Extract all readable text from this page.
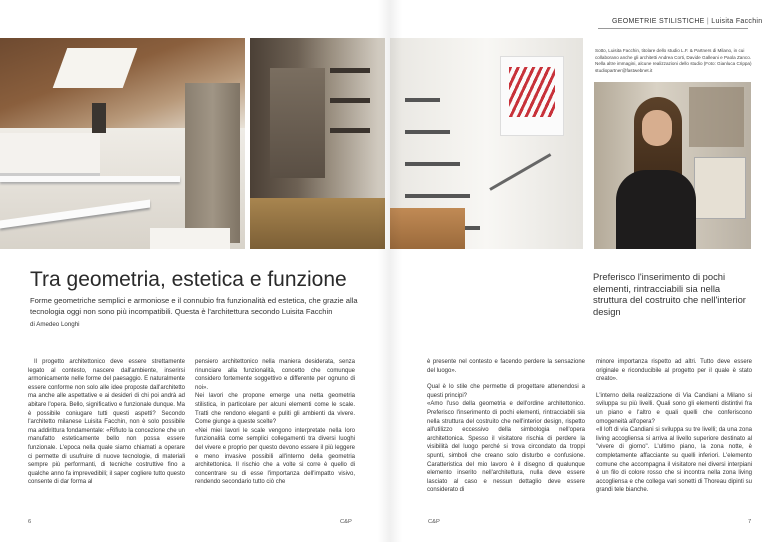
GEOMETRIE STILISTICHE | Luisita Facchin
Sotto, Luisita Facchin, titolare dello studio L.F. & Partners di Milano, in cui collaborano anche gli architetti Andrea Corti, Davide Galleani e Paola Zanco. Nella altre immagini, alcune realizzazioni dello studio (Foto: Gianluca Crippa) studiopartner@fastwebnet.it
Tra geometria, estetica e funzione
Forme geometriche semplici e armoniose e il connubio fra funzionalità ed estetica, che grazie alla tecnologia oggi non sono più incompatibili. Questa è l'architettura secondo Luisita Facchin
di Amedeo Longhi
Preferisco l'inserimento di pochi elementi, rintracciabili sia nella struttura del costruito che nell'interior design

Il progetto architettonico deve essere strettamente legato al contesto, nascere dall'ambiente, inserirsi armonicamente nelle forme del paesaggio. E naturalmente essere conforme non solo alle idee proposte dall'architetto ma anche alle aspettative e ai desideri di chi poi andrà ad abitare l'opera. Bello, significativo e funzionale dunque. Ma è possibile coniugare tutti questi aspetti? Secondo l'architetto milanese Luisita Facchin, non è solo possibile ma addirittura fondamentale: «Rifiuto la concezione che un manufatto esteticamente bello non possa essere funzionale. L'epoca nella quale siamo chiamati a operare ci permette di usufruire di nuove tecnologie, di materiali sempre più performanti, di tecniche costruttive fino a qualche anno fa imprevedibili; il saper cogliere tutto questo consente di dar forma al

pensiero architettonico nella maniera desiderata, senza rinunciare alla funzionalità, concetto che comunque considero fortemente soggettivo e differente per ognuno di noi».

Nei lavori che propone emerge una netta geometria stilistica, in particolare per alcuni elementi come le scale. Tratti che rendono eleganti e puliti gli ambienti da vivere. Come giunge a queste scelte?

«Nei miei lavori le scale vengono interpretate nella loro funzionalità come semplici collegamenti tra diversi luoghi del vivere e proprio per questo devono essere il più leggere e meno invasive possibili all'interno della geometria architettonica. Il rischio che a volte si corre è quello di concentrare su di esse l'importanza dell'impatto visivo, rendendo secondario tutto ciò che

è presente nel contesto e facendo perdere la sensazione del luogo».

Qual è lo stile che permette di progettare attenendosi a questi principi?

«Amo l'uso della geometria e dell'ordine architettonico. Preferisco l'inserimento di pochi elementi, rintracciabili sia nella struttura del costruito che nell'interior design, rispetto all'utilizzo eccessivo della simbologia nell'opera architettonica. Spesso il visitatore rischia di perdere la visibilità del luogo perché si trova circondato da troppi spunti, simboli che creano solo disturbo e confusione. Caratteristica del mio lavoro è il disegno di qualunque elemento inserito nell'architettura, nulla deve essere lasciato al caso e nessun dettaglio deve essere considerato di

minore importanza rispetto ad altri. Tutto deve essere originale e riconducibile al progetto per il quale è stato creato».

L'interno della realizzazione di Via Candiani a Milano si sviluppa su più livelli. Quali sono gli elementi distintivi fra un piano e l'altro e quali quelli che conferiscono omogeneità all'opera?

«Il loft di via Candiani si sviluppa su tre livelli; da una zona living accogliensa si arriva al livello superiore destinato al "vivere di giorno". L'ultimo piano, la zona notte, è completamente affacciante su quelli inferiori. L'elemento comune che accompagna il visitatore nei diversi interpiani è un filo di colore rosso che si incontra nella zona living accogliensa e che collega vari sonetti di Thoreau dipinti su grandi tele bianche.

6	C&P	C&P	7
